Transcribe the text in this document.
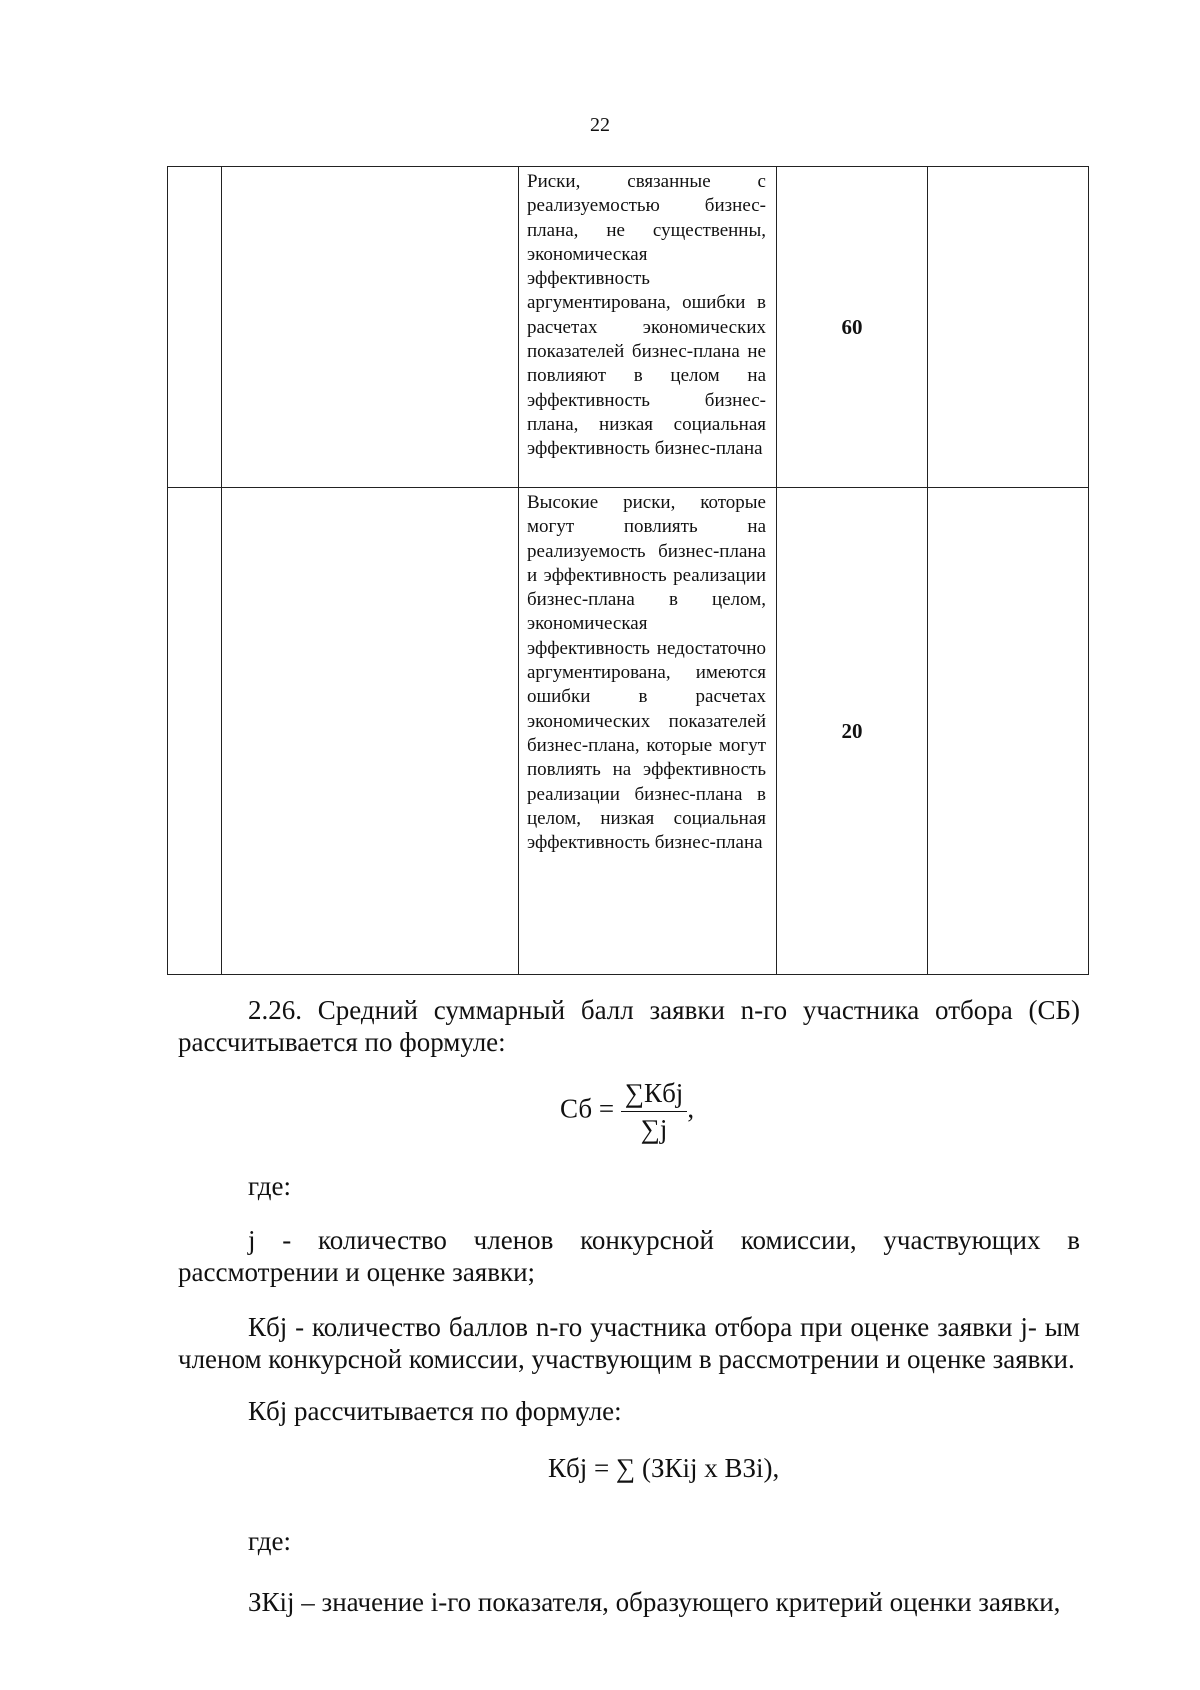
22

		Риски, связанные с реализуемостью бизнес-плана, не существенны, экономическая эффективность аргументирована, ошибки в расчетах экономических показателей бизнес-плана не повлияют в целом на эффективность бизнес-плана, низкая социальная эффективность бизнес-плана	60	

		Высокие риски, которые могут повлиять на реализуемость бизнес-плана и эффективность реализации бизнес-плана в целом, экономическая эффективность недостаточно аргументирована, имеются ошибки в расчетах экономических показателей бизнес-плана, которые могут повлиять на эффективность реализации бизнес-плана в целом, низкая социальная эффективность бизнес-плана	20	
2.26. Средний суммарный балл заявки n-го участника отбора (СБ) рассчитывается по формуле:
Сб = $\frac{\text{∑Кбj}}{\sum j}$ ,
где:
j - количество членов конкурсной комиссии, участвующих в рассмотрении и оценке заявки;
Кбj - количество баллов n-го участника отбора при оценке заявки j- ым членом конкурсной комиссии, участвующим в рассмотрении и оценке заявки.
Кбj рассчитывается по формуле:
Кбj = ∑ (ЗКij x ВЗi),
где:
ЗКij – значение i-го показателя, образующего критерий оценки заявки,
